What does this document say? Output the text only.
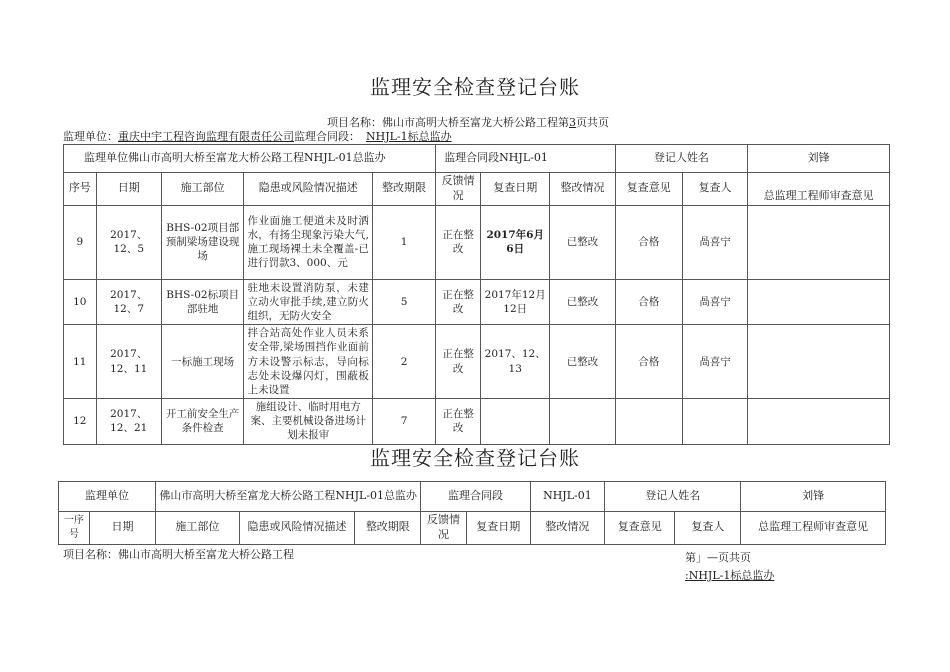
监理安全检查登记台账
项目名称：佛山市高明大桥至富龙大桥公路工程第3页共页
监理单位：重庆中宇工程咨询监理有限责任公司监理合同段： NHJL-1标总监办
监理单位佛山市高明大桥至富龙大桥公路工程NHJL-01总监办					监理合同段NHJL-01			登记人姓名		刘锋
序号	日期	施工部位	隐患或风险情况描述	整改期限	反馈情况	复查日期	整改情况	复查意见	复查人	总监理工程师审查意见
9	2017、12、5	BHS-02项目部预制梁场建设现场	作业面施工便道未及时洒水，有扬尘现象污染大气,施工现场裸土未全覆盖-已进行罚款3、000、元	1	正在整改	2017年6月6日	已整改	合格	咼喜宁	
10	2017、12、7	BHS-02标项目部驻地	驻地未设置消防泵，未建立动火审批手续,建立防火组织，无防火安全	5	正在整改	2017年12月12日	已整改	合格	咼喜宁	
11	2017、12、11	一标施工现场	拌合站高处作业人员未系安全带,梁场围挡作业面前方未设警示标志，导向标志处未设爆闪灯，围蔽板上未设置	2	正在整改	2017、12、13	已整改	合格	咼喜宁	
12	2017、12、21	开工前安全生产条件检查	施组设计、临时用电方案、主要机械设备进场计划未报审	7	正在整改					
监理安全检查登记台账
监理单位		佛山市高明大桥至富龙大桥公路工程NHJL-01总监办			监理合同段		NHJL-01	登记人姓名		刘锋
一序号	日期	施工部位	隐患或风险情况描述	整改期限	反馈情况	复查日期	整改情况	复查意见	复查人	总监理工程师审查意见
项目名称：佛山市高明大桥至富龙大桥公路工程	第」—页共页
:NHJL-1标总监办
